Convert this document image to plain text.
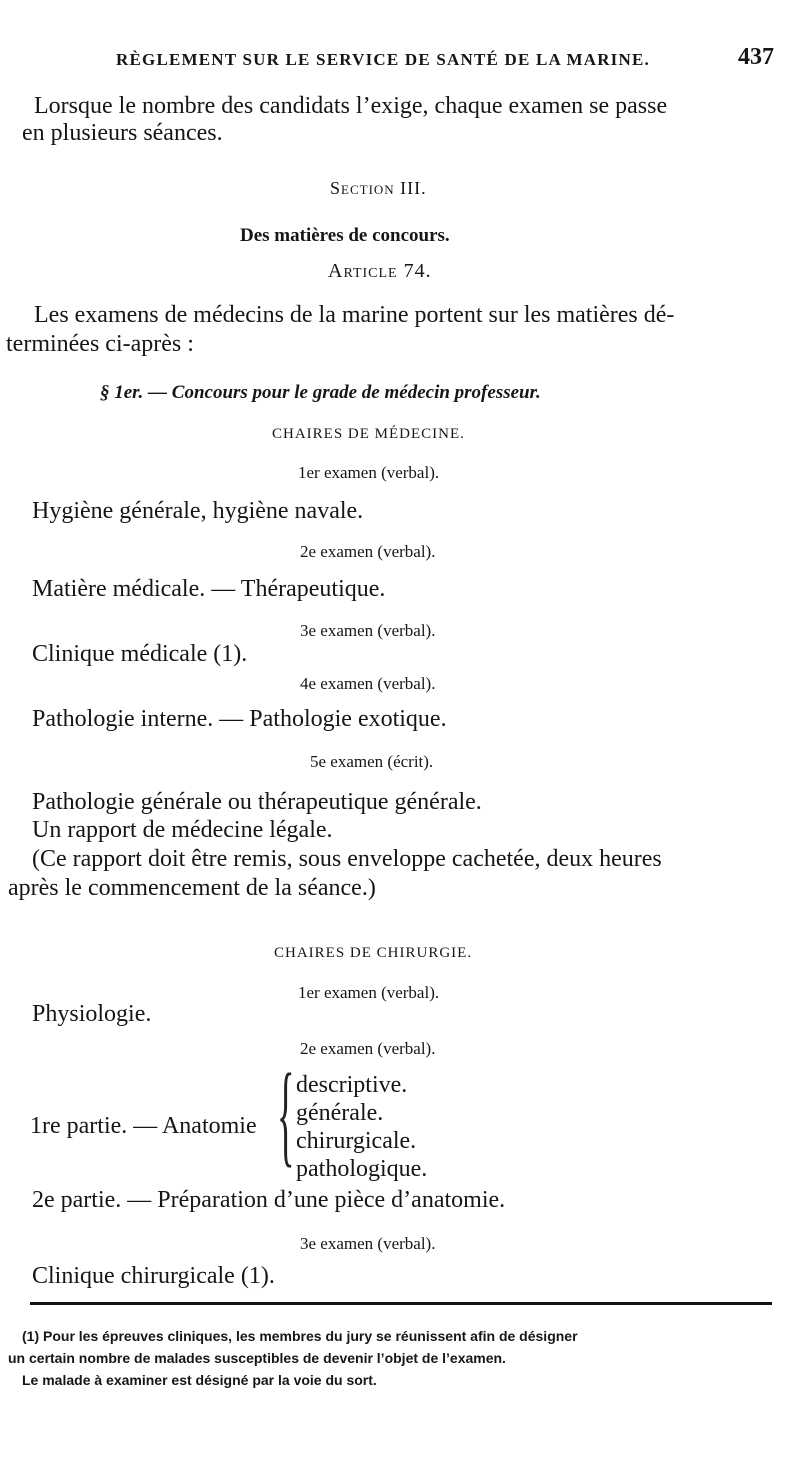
RÈGLEMENT SUR LE SERVICE DE SANTÉ DE LA MARINE.	437
Lorsque le nombre des candidats l’exige, chaque examen se passe
en plusieurs séances.
Section III.
Des matières de concours.
Article 74.
Les examens de médecins de la marine portent sur les matières dé-
terminées ci-après :
§ 1er. — Concours pour le grade de médecin professeur.
CHAIRES DE MÉDECINE.
1er examen (verbal).
Hygiène générale, hygiène navale.
2e examen (verbal).
Matière médicale. — Thérapeutique.
3e examen (verbal).
Clinique médicale (1).
4e examen (verbal).
Pathologie interne. — Pathologie exotique.
5e examen (écrit).
Pathologie générale ou thérapeutique générale.
Un rapport de médecine légale.
(Ce rapport doit être remis, sous enveloppe cachetée, deux heures
après le commencement de la séance.)
CHAIRES DE CHIRURGIE.
1er examen (verbal).
Physiologie.
2e examen (verbal).
1re partie. — Anatomie { descriptive.
générale.
chirurgicale.
pathologique.
2e partie. — Préparation d’une pièce d’anatomie.
3e examen (verbal).
Clinique chirurgicale (1).
(1) Pour les épreuves cliniques, les membres du jury se réunissent afin de désigner
un certain nombre de malades susceptibles de devenir l’objet de l’examen.
Le malade à examiner est désigné par la voie du sort.
